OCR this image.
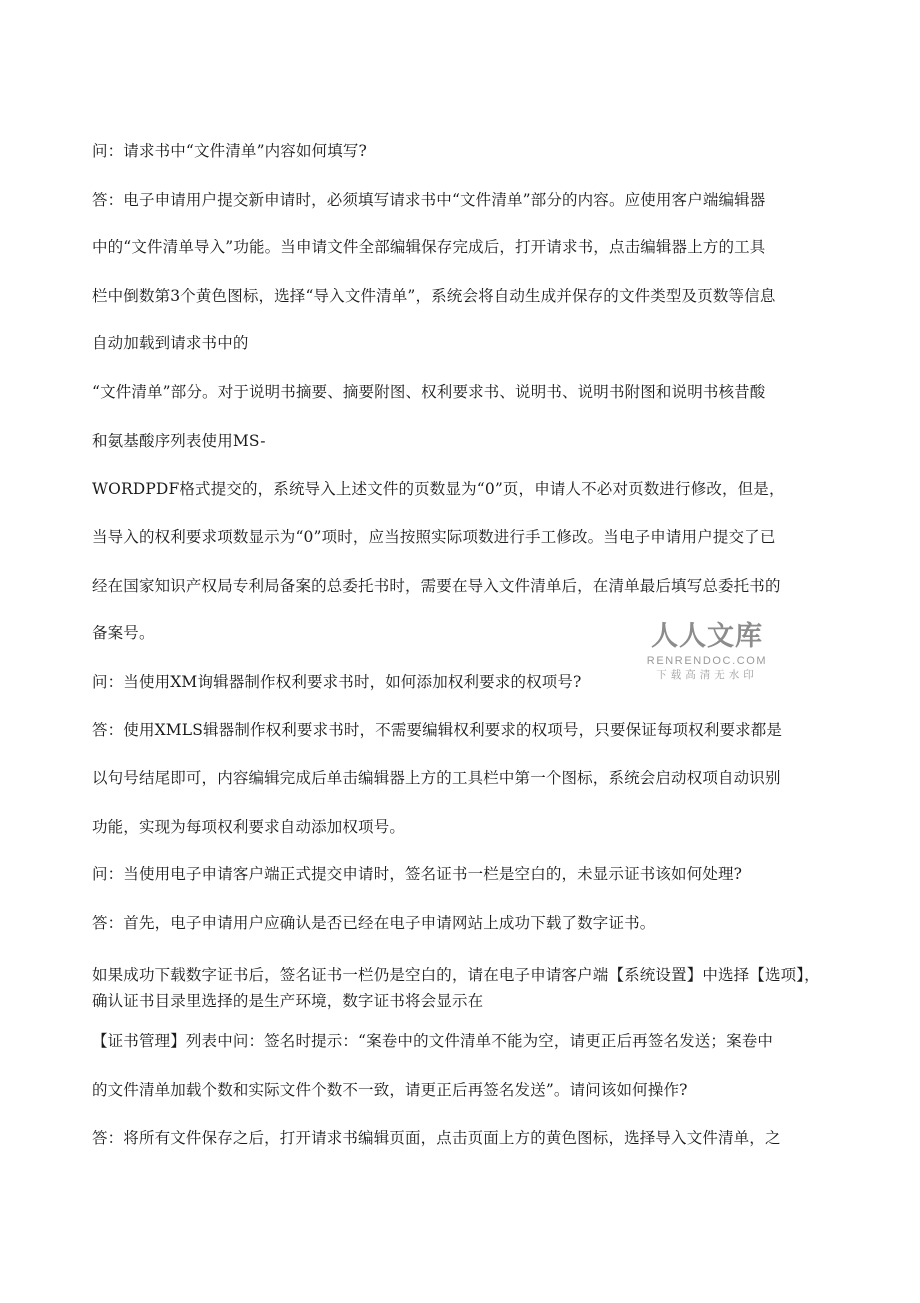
问：请求书中“文件清单”内容如何填写?
答：电子申请用户提交新申请时，必须填写请求书中“文件清单”部分的内容。应使用客户端编辑器
中的“文件清单导入”功能。当申请文件全部编辑保存完成后，打开请求书，点击编辑器上方的工具
栏中倒数第3个黄色图标，选择“导入文件清单”，系统会将自动生成并保存的文件类型及页数等信息
自动加载到请求书中的
“文件清单”部分。对于说明书摘要、摘要附图、权利要求书、说明书、说明书附图和说明书核昔酸
和氨基酸序列表使用MS-
WORDPDF格式提交的，系统导入上述文件的页数显为“0”页，申请人不必对页数进行修改，但是，
当导入的权利要求项数显示为“0”项时，应当按照实际项数进行手工修改。当电子申请用户提交了已
经在国家知识产权局专利局备案的总委托书时，需要在导入文件清单后，在清单最后填写总委托书的
备案号。
问：当使用XM询辑器制作权利要求书时，如何添加权利要求的权项号?
答：使用XMLS辑器制作权利要求书时，不需要编辑权利要求的权项号，只要保证每项权利要求都是
以句号结尾即可，内容编辑完成后单击编辑器上方的工具栏中第一个图标，系统会启动权项自动识别
功能，实现为每项权利要求自动添加权项号。
问：当使用电子申请客户端正式提交申请时，签名证书一栏是空白的，未显示证书该如何处理?
答：首先，电子申请用户应确认是否已经在电子申请网站上成功下载了数字证书。
如果成功下载数字证书后，签名证书一栏仍是空白的，请在电子申请客户端【系统设置】中选择【选项】，确认证书目录里选择的是生产环境，数字证书将会显示在
【证书管理】列表中问：签名时提示：“案卷中的文件清单不能为空，请更正后再签名发送；案卷中
的文件清单加载个数和实际文件个数不一致，请更正后再签名发送”。请问该如何操作?
答：将所有文件保存之后，打开请求书编辑页面，点击页面上方的黄色图标，选择导入文件清单，之
人人文库
RENRENDOC.COM
下载高清无水印
